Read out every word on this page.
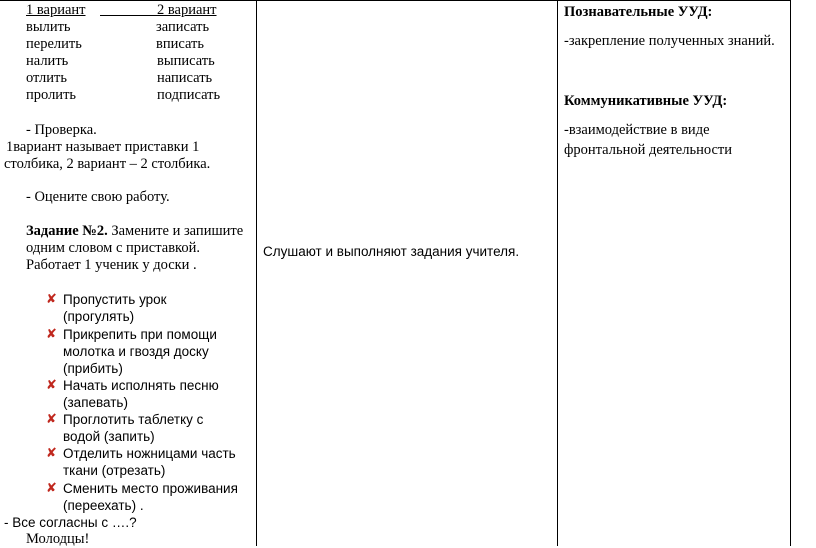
1 вариант	2 вариант
вылить
перелить
налить
отлить
пролить
записать
вписать
выписать
написать
подписать
- Проверка.
1вариант называет приставки 1
столбика, 2 вариант – 2 столбика.
- Оцените свою работу.
Задание №2. Замените и запишите
одним словом с приставкой.
Работает 1 ученик у доски .
✘ Пропустить урок
(прогулять)
✘ Прикрепить при помощи
молотка и гвоздя доску
(прибить)
✘ Начать исполнять песню
(запевать)
✘ Проглотить таблетку с
водой (запить)
✘ Отделить ножницами часть
ткани (отрезать)
✘ Сменить место проживания
(переехать) .
- Все согласны с ….?
Молодцы!
Слушают и выполняют задания учителя.
Познавательные УУД:
-закрепление полученных знаний.
Коммуникативные УУД:
-взаимодействие в виде
фронтальной деятельности
